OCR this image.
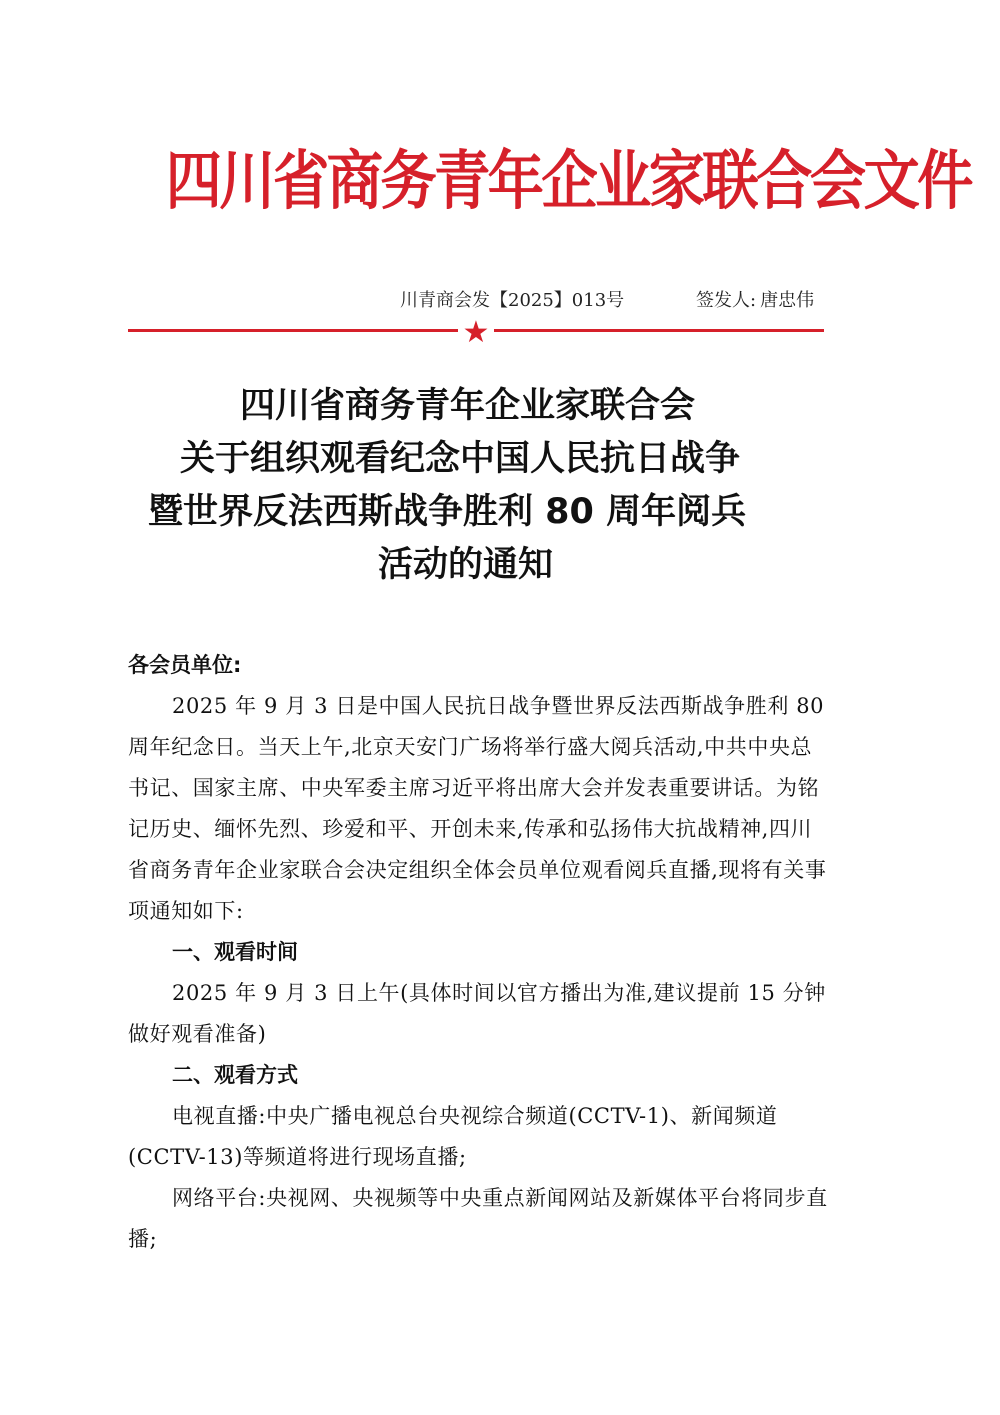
四川省商务青年企业家联合会文件
川青商会发【2025】013号	签发人: 唐忠伟
★
四川省商务青年企业家联合会
关于组织观看纪念中国人民抗日战争
暨世界反法西斯战争胜利 80 周年阅兵
活动的通知

各会员单位:

2025 年 9 月 3 日是中国人民抗日战争暨世界反法西斯战争胜利 80 周年纪念日。当天上午,北京天安门广场将举行盛大阅兵活动,中共中央总书记、国家主席、中央军委主席习近平将出席大会并发表重要讲话。为铭记历史、缅怀先烈、珍爱和平、开创未来,传承和弘扬伟大抗战精神,四川省商务青年企业家联合会决定组织全体会员单位观看阅兵直播,现将有关事项通知如下:

一、观看时间

2025 年 9 月 3 日上午(具体时间以官方播出为准,建议提前 15 分钟做好观看准备)

二、观看方式

电视直播:中央广播电视总台央视综合频道(CCTV-1)、新闻频道(CCTV-13)等频道将进行现场直播;

网络平台:央视网、央视频等中央重点新闻网站及新媒体平台将同步直播;
